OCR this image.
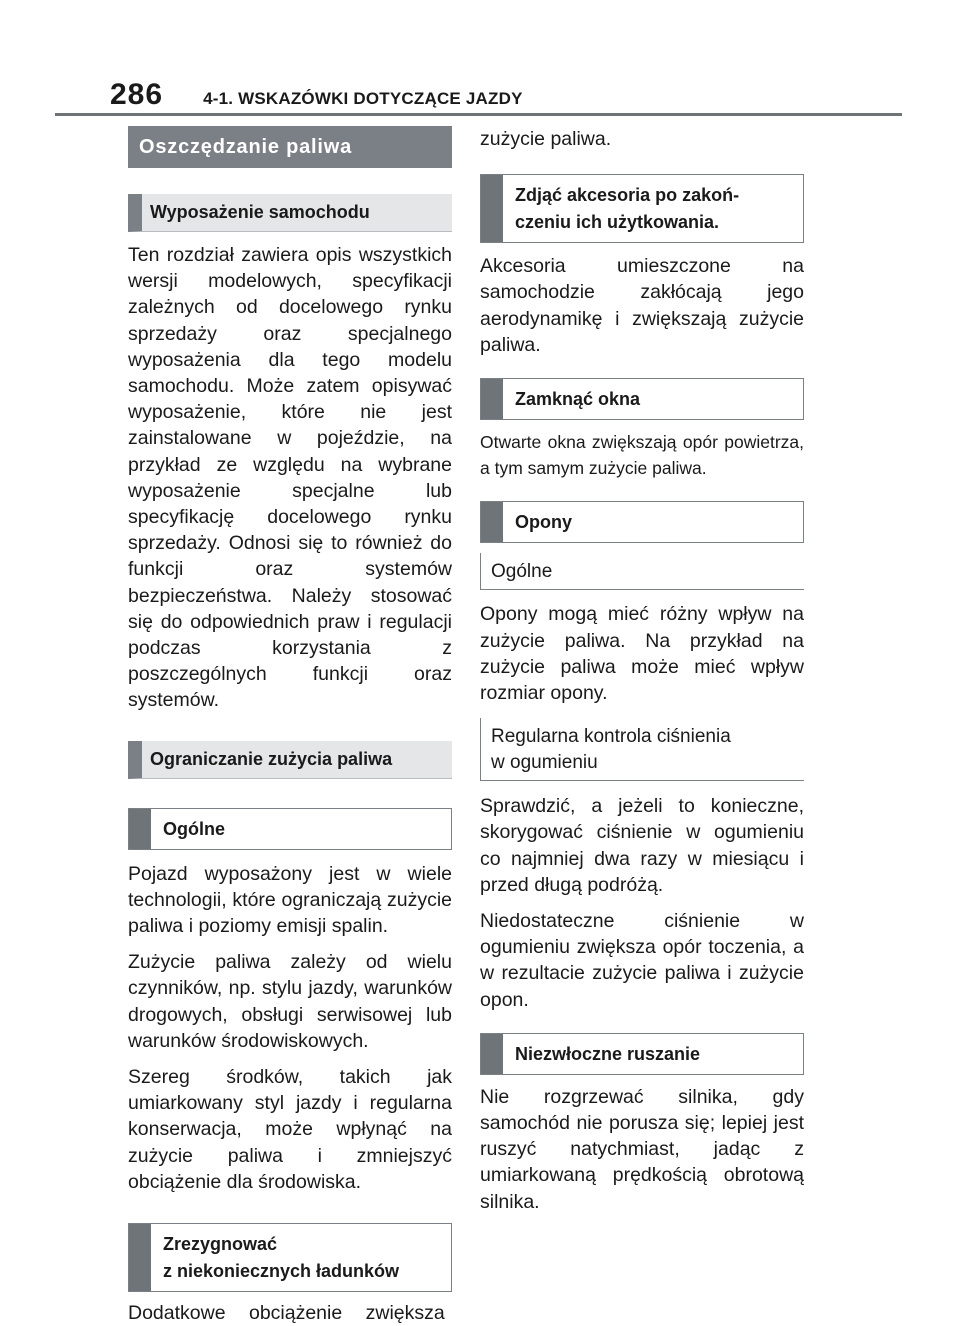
286 4-1. WSKAZÓWKI DOTYCZĄCE JAZDY
Oszczędzanie paliwa
Wyposażenie samochodu

Ten rozdział zawiera opis wszystkich wersji modelowych, specyfikacji zależnych od docelowego rynku sprzedaży oraz specjalnego wyposażenia dla tego modelu samochodu. Może zatem opisywać wyposażenie, które nie jest zainstalowane w pojeździe, na przykład ze względu na wybrane wyposażenie specjalne lub specyfikację docelowego rynku sprzedaży. Odnosi się to również do funkcji oraz systemów bezpieczeństwa. Należy stosować się do odpowiednich praw i regulacji podczas korzystania z poszczególnych funkcji oraz systemów.

Ograniczanie zużycia paliwa
Ogólne

Pojazd wyposażony jest w wiele technologii, które ograniczają zużycie paliwa i poziomy emisji spalin.

Zużycie paliwa zależy od wielu czynników, np. stylu jazdy, warunków drogowych, obsługi serwisowej lub warunków środowiskowych.

Szereg środków, takich jak umiarkowany styl jazdy i regularna konserwacja, może wpłynąć na zużycie paliwa i zmniejszyć obciążenie dla środowiska.

Zrezygnować
z niekoniecznych ładunków

Dodatkowe obciążenie zwiększa

zużycie paliwa.

Zdjąć akcesoria po zakoń-
czeniu ich użytkowania.

Akcesoria umieszczone na samochodzie zakłócają jego aerodynamikę i zwiększają zużycie paliwa.

Zamknąć okna

Otwarte okna zwiększają opór powietrza, a tym samym zużycie paliwa.

Opony
Ogólne

Opony mogą mieć różny wpływ na zużycie paliwa. Na przykład na zużycie paliwa może mieć wpływ rozmiar opony.

Regularna kontrola ciśnienia
w ogumieniu

Sprawdzić, a jeżeli to konieczne, skorygować ciśnienie w ogumieniu co najmniej dwa razy w miesiącu i przed długą podróżą.

Niedostateczne ciśnienie w ogumieniu zwiększa opór toczenia, a w rezultacie zużycie paliwa i zużycie opon.

Niezwłoczne ruszanie

Nie rozgrzewać silnika, gdy samochód nie porusza się; lepiej jest ruszyć natychmiast, jadąc z umiarkowaną prędkością obrotową silnika.
